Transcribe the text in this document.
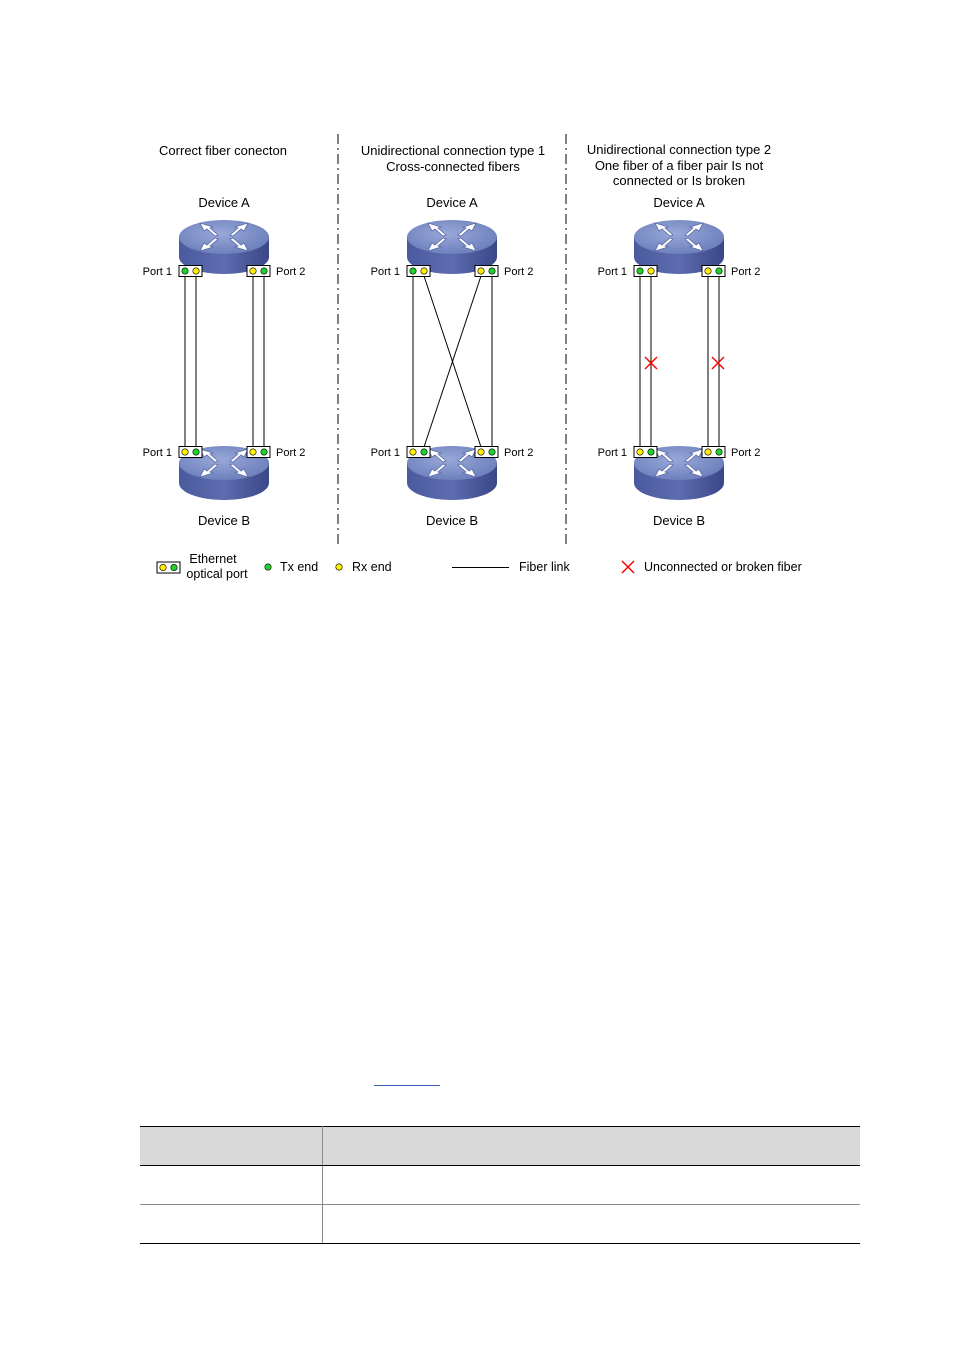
Correct fiber conecton	Unidirectional connection type 1
Cross-connected fibers
Unidirectional connection type 2
One fiber of a fiber pair Is not
connected or Is broken
Device A	Device A	Device A
Device B	Device B	Device B
Port 1	Port 2
Port 1	Port 2
Port 1	Port 2
Port 1	Port 2
Port 1	Port 2
Port 1	Port 2
Ethernet
optical port	Tx end	Rx end	Fiber link	Unconnected or broken fiber
